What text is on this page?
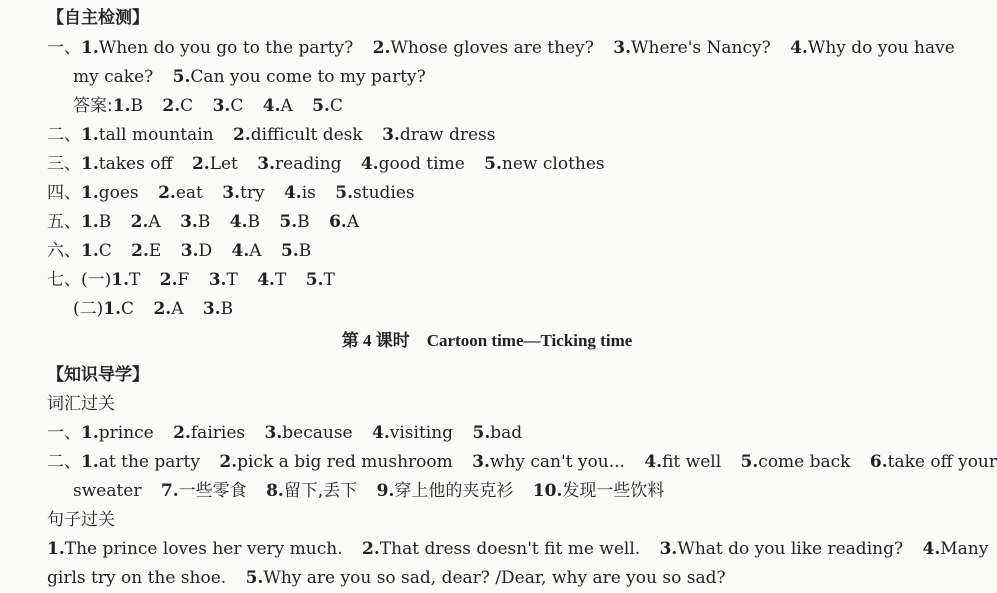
【自主检测】
一、1.When do you go to the party? 2.Whose gloves are they? 3.Where's Nancy? 4.Why do you have
my cake? 5.Can you come to my party?
答案:1.B 2.C 3.C 4.A 5.C
二、1.tall mountain 2.difficult desk 3.draw dress
三、1.takes off 2.Let 3.reading 4.good time 5.new clothes
四、1.goes 2.eat 3.try 4.is 5.studies
五、1.B 2.A 3.B 4.B 5.B 6.A
六、1.C 2.E 3.D 4.A 5.B
七、(一)1.T 2.F 3.T 4.T 5.T
(二)1.C 2.A 3.B
第 4 课时　Cartoon time—Ticking time
【知识导学】
词汇过关
一、1.prince 2.fairies 3.because 4.visiting 5.bad
二、1.at the party 2.pick a big red mushroom 3.why can't you... 4.fit well 5.come back 6.take off your
sweater 7.一些零食 8.留下,丢下 9.穿上他的夹克衫 10.发现一些饮料
句子过关
1.The prince loves her very much. 2.That dress doesn't fit me well. 3.What do you like reading? 4.Many
girls try on the shoe. 5.Why are you so sad, dear? /Dear, why are you so sad?
